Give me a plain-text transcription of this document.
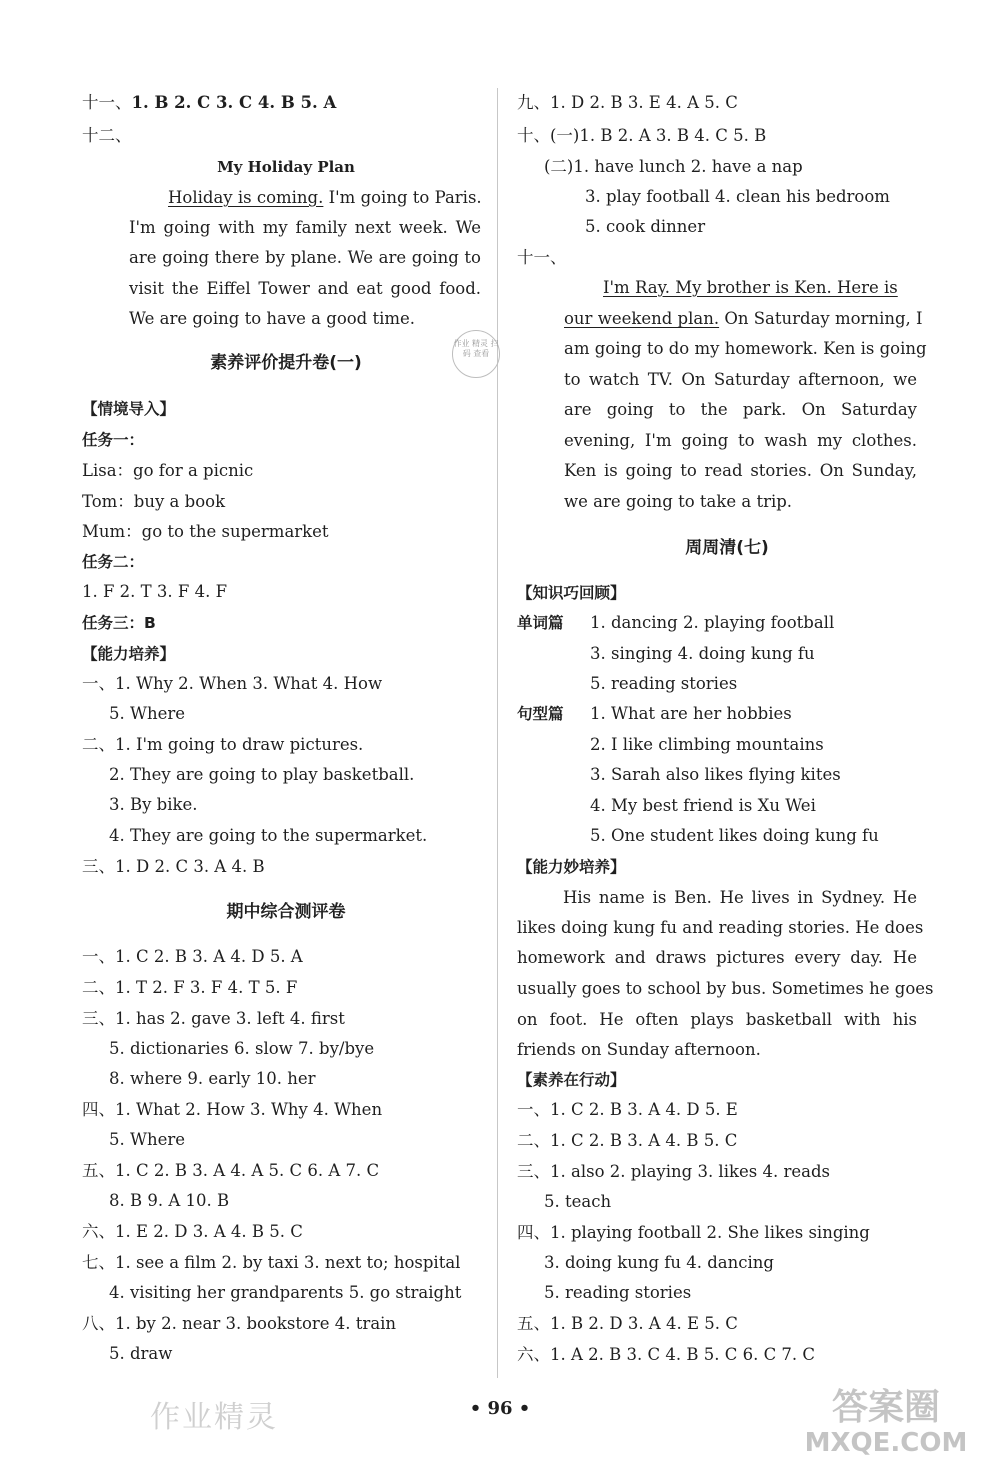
十一、1. B 2. C 3. C 4. B 5. A
十二、
My Holiday Plan
Holiday is coming. I'm going to Paris.
I'm going with my family next week. We
are going there by plane. We are going to
visit the Eiffel Tower and eat good food.
We are going to have a good time.
素养评价提升卷(一)
【情境导入】
任务一：
Lisa：go for a picnic
Tom：buy a book
Mum：go to the supermarket
任务二：
1. F 2. T 3. F 4. F
任务三：B
【能力培养】
一、1. Why 2. When 3. What 4. How
5. Where
二、1. I'm going to draw pictures.
2. They are going to play basketball.
3. By bike.
4. They are going to the supermarket.
三、1. D 2. C 3. A 4. B
期中综合测评卷
一、1. C 2. B 3. A 4. D 5. A
二、1. T 2. F 3. F 4. T 5. F
三、1. has 2. gave 3. left 4. first
5. dictionaries 6. slow 7. by/bye
8. where 9. early 10. her
四、1. What 2. How 3. Why 4. When
5. Where
五、1. C 2. B 3. A 4. A 5. C 6. A 7. C
8. B 9. A 10. B
六、1. E 2. D 3. A 4. B 5. C
七、1. see a film 2. by taxi 3. next to; hospital
4. visiting her grandparents 5. go straight
八、1. by 2. near 3. bookstore 4. train
5. draw
作业 精灵 扫码 查看
九、1. D 2. B 3. E 4. A 5. C
十、(一)1. B 2. A 3. B 4. C 5. B
(二)1. have lunch 2. have a nap
3. play football 4. clean his bedroom
5. cook dinner
十一、
I'm Ray. My brother is Ken. Here is
our weekend plan. On Saturday morning, I
am going to do my homework. Ken is going
to watch TV. On Saturday afternoon, we
are going to the park. On Saturday
evening, I'm going to wash my clothes.
Ken is going to read stories. On Sunday,
we are going to take a trip.
周周清(七)
【知识巧回顾】
单词篇 1. dancing 2. playing football
3. singing 4. doing kung fu
5. reading stories
句型篇 1. What are her hobbies
2. I like climbing mountains
3. Sarah also likes flying kites
4. My best friend is Xu Wei
5. One student likes doing kung fu
【能力妙培养】
His name is Ben. He lives in Sydney. He
likes doing kung fu and reading stories. He does
homework and draws pictures every day. He
usually goes to school by bus. Sometimes he goes
on foot. He often plays basketball with his
friends on Sunday afternoon.
【素养在行动】
一、1. C 2. B 3. A 4. D 5. E
二、1. C 2. B 3. A 4. B 5. C
三、1. also 2. playing 3. likes 4. reads
5. teach
四、1. playing football 2. She likes singing
3. doing kung fu 4. dancing
5. reading stories
五、1. B 2. D 3. A 4. E 5. C
六、1. A 2. B 3. C 4. B 5. C 6. C 7. C
• 96 •
作业精灵	答案圈
MXQE.COM
